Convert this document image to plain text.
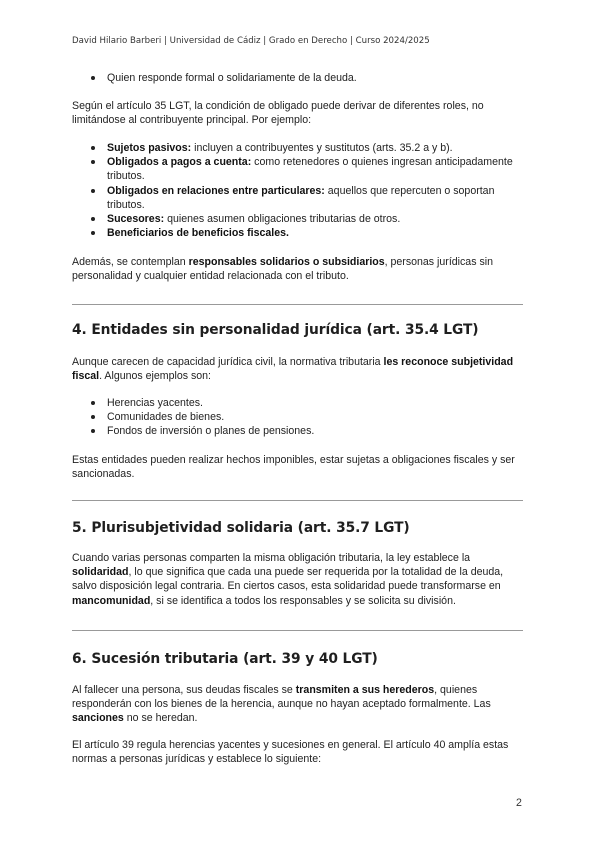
David Hilario Barberi | Universidad de Cádiz | Grado en Derecho | Curso 2024/2025
Quien responde formal o solidariamente de la deuda.

Según el artículo 35 LGT, la condición de obligado puede derivar de diferentes roles, no limitándose al contribuyente principal. Por ejemplo:

Sujetos pasivos: incluyen a contribuyentes y sustitutos (arts. 35.2 a y b).
Obligados a pagos a cuenta: como retenedores o quienes ingresan anticipadamente tributos.
Obligados en relaciones entre particulares: aquellos que repercuten o soportan tributos.
Sucesores: quienes asumen obligaciones tributarias de otros.
Beneficiarios de beneficios fiscales.

Además, se contemplan responsables solidarios o subsidiarios, personas jurídicas sin personalidad y cualquier entidad relacionada con el tributo.

4. Entidades sin personalidad jurídica (art. 35.4 LGT)

Aunque carecen de capacidad jurídica civil, la normativa tributaria les reconoce subjetividad fiscal. Algunos ejemplos son:

Herencias yacentes.
Comunidades de bienes.
Fondos de inversión o planes de pensiones.

Estas entidades pueden realizar hechos imponibles, estar sujetas a obligaciones fiscales y ser sancionadas.

5. Plurisubjetividad solidaria (art. 35.7 LGT)

Cuando varias personas comparten la misma obligación tributaria, la ley establece la solidaridad, lo que significa que cada una puede ser requerida por la totalidad de la deuda, salvo disposición legal contraria. En ciertos casos, esta solidaridad puede transformarse en mancomunidad, si se identifica a todos los responsables y se solicita su división.

6. Sucesión tributaria (art. 39 y 40 LGT)

Al fallecer una persona, sus deudas fiscales se transmiten a sus herederos, quienes responderán con los bienes de la herencia, aunque no hayan aceptado formalmente. Las sanciones no se heredan.

El artículo 39 regula herencias yacentes y sucesiones en general. El artículo 40 amplía estas normas a personas jurídicas y establece lo siguiente:

2
